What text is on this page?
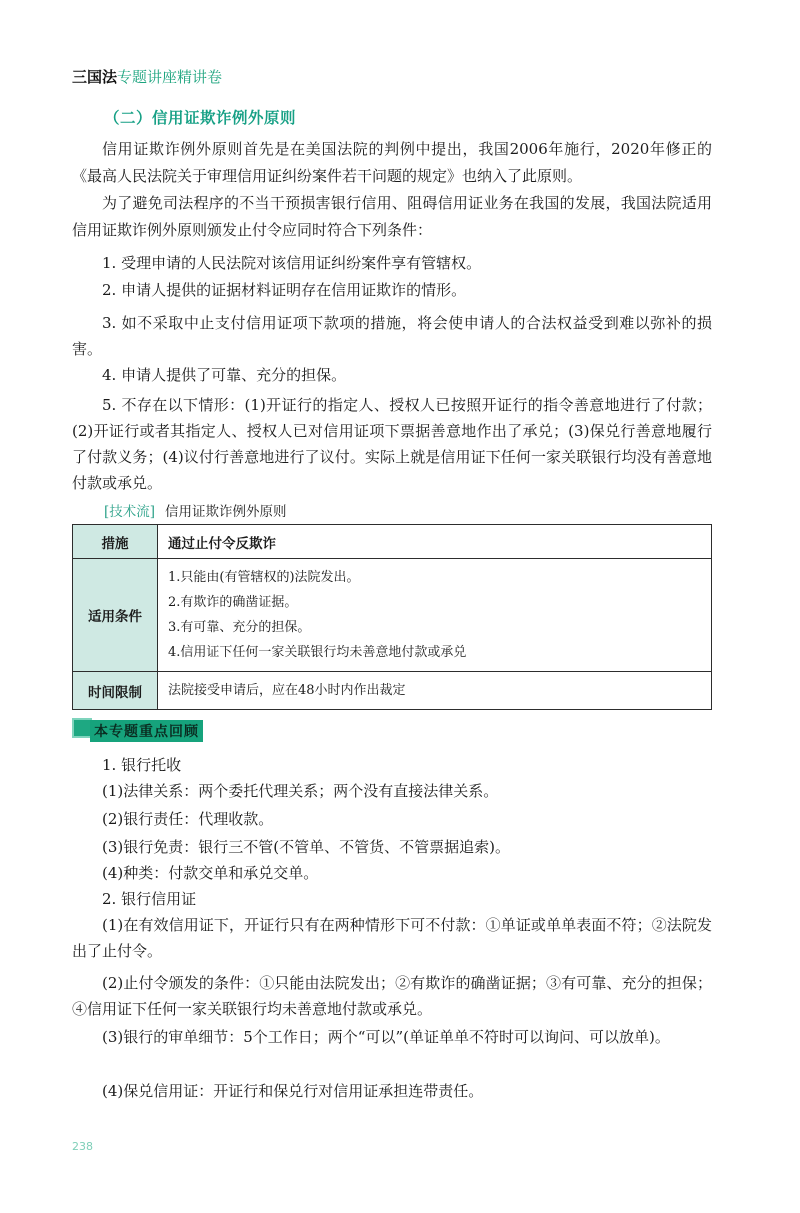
三国法专题讲座精讲卷
（二）信用证欺诈例外原则
信用证欺诈例外原则首先是在美国法院的判例中提出，我国2006年施行，2020年修正的《最高人民法院关于审理信用证纠纷案件若干问题的规定》也纳入了此原则。
为了避免司法程序的不当干预损害银行信用、阻碍信用证业务在我国的发展，我国法院适用信用证欺诈例外原则颁发止付令应同时符合下列条件：
1. 受理申请的人民法院对该信用证纠纷案件享有管辖权。
2. 申请人提供的证据材料证明存在信用证欺诈的情形。
3. 如不采取中止支付信用证项下款项的措施，将会使申请人的合法权益受到难以弥补的损害。
4. 申请人提供了可靠、充分的担保。
5. 不存在以下情形：(1)开证行的指定人、授权人已按照开证行的指令善意地进行了付款；(2)开证行或者其指定人、授权人已对信用证项下票据善意地作出了承兑；(3)保兑行善意地履行了付款义务；(4)议付行善意地进行了议付。实际上就是信用证下任何一家关联银行均没有善意地付款或承兑。
[技术流] 信用证欺诈例外原则
措施	通过止付令反欺诈
适用条件	1.只能由(有管辖权的)法院发出。
2.有欺诈的确凿证据。
3.有可靠、充分的担保。
4.信用证下任何一家关联银行均未善意地付款或承兑

时间限制	法院接受申请后，应在48小时内作出裁定
本专题重点回顾
1. 银行托收
(1)法律关系：两个委托代理关系；两个没有直接法律关系。
(2)银行责任：代理收款。
(3)银行免责：银行三不管(不管单、不管货、不管票据追索)。
(4)种类：付款交单和承兑交单。
2. 银行信用证
(1)在有效信用证下，开证行只有在两种情形下可不付款：①单证或单单表面不符；②法院发出了止付令。
(2)止付令颁发的条件：①只能由法院发出；②有欺诈的确凿证据；③有可靠、充分的担保；④信用证下任何一家关联银行均未善意地付款或承兑。
(3)银行的审单细节：5个工作日；两个“可以”(单证单单不符时可以询问、可以放单)。
(4)保兑信用证：开证行和保兑行对信用证承担连带责任。
238
